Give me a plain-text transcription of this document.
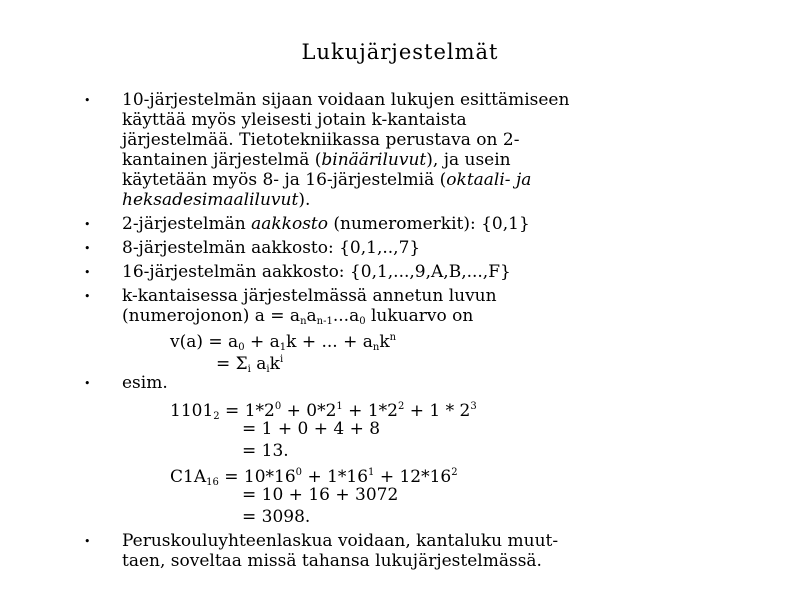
Lukujärjestelmät
• 10-järjestelmän sijaan voidaan lukujen esittämiseen
käyttää myös yleisesti jotain k-kantaista
järjestelmää. Tietotekniikassa perustava on 2-
kantainen järjestelmä (binääriluvut), ja usein
käytetään myös 8- ja 16-järjestelmiä (oktaali- ja
heksadesimaaliluvut).
• 2-järjestelmän aakkosto (numeromerkit): {0,1}
• 8-järjestelmän aakkosto: {0,1,..,7}
• 16-järjestelmän aakkosto: {0,1,...,9,A,B,...,F}
• k-kantaisessa järjestelmässä annetun luvun
(numerojonon) $a = a_na_{n-1}...a_0$ lukuarvo on
$v(a) = a_0 + a_1k$ + ... + $a_nk^n$
= $\Sigma_i$ $a_ik^i$
• esim.
$1101_2 = 1*2^0 + 0*2^1 + 1*2^2 + 1 * 2^3$
= 1 + 0 + 4 + 8
= 13.
$C1A_{16} = 10*16^0 + 1*16^1 + 12*16^2$
= 10 + 16 + 3072
= 3098.
• Peruskouluyhteenlaskua voidaan, kantaluku muut-
taen, soveltaa missä tahansa lukujärjestelmässä.
